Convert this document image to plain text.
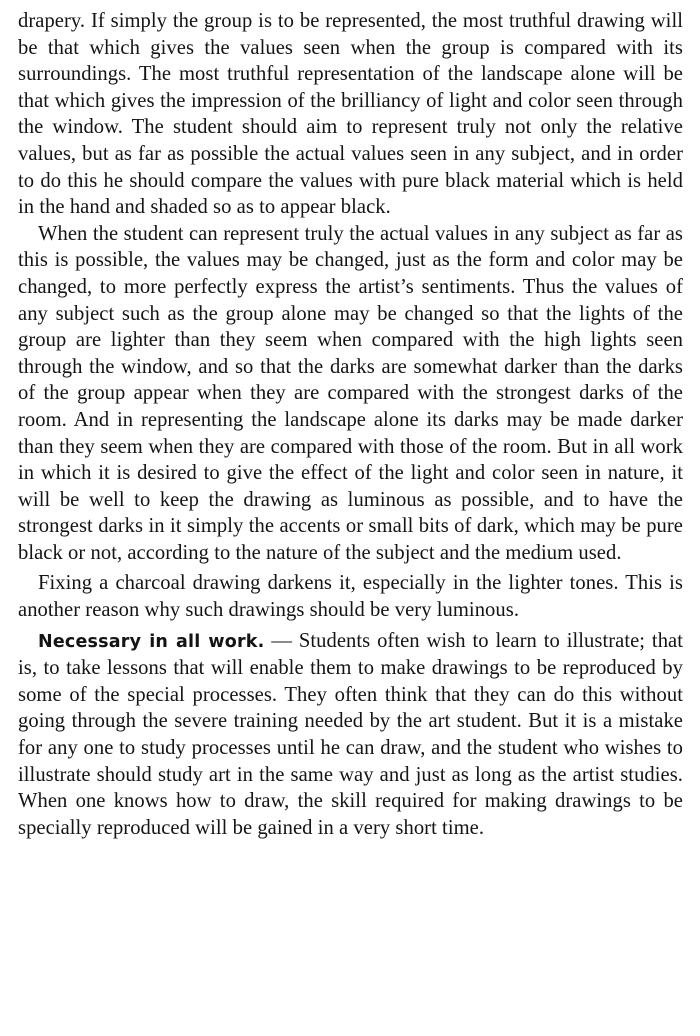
drapery. If simply the group is to be represented, the most truthful drawing will be that which gives the values seen when the group is compared with its surroundings. The most truthful representation of the landscape alone will be that which gives the impression of the brilliancy of light and color seen through the window. The student should aim to represent truly not only the relative values, but as far as possible the actual values seen in any subject, and in order to do this he should compare the values with pure black material which is held in the hand and shaded so as to appear black.

When the student can represent truly the actual values in any subject as far as this is possible, the values may be changed, just as the form and color may be changed, to more perfectly express the artist’s sentiments. Thus the values of any subject such as the group alone may be changed so that the lights of the group are lighter than they seem when compared with the high lights seen through the window, and so that the darks are somewhat darker than the darks of the group appear when they are compared with the strongest darks of the room. And in representing the landscape alone its darks may be made darker than they seem when they are compared with those of the room. But in all work in which it is desired to give the effect of the light and color seen in nature, it will be well to keep the drawing as luminous as possible, and to have the strongest darks in it simply the accents or small bits of dark, which may be pure black or not, according to the nature of the subject and the medium used.

Fixing a charcoal drawing darkens it, especially in the lighter tones. This is another reason why such drawings should be very luminous.

Necessary in all work. — Students often wish to learn to illustrate; that is, to take lessons that will enable them to make drawings to be reproduced by some of the special processes. They often think that they can do this without going through the severe training needed by the art student. But it is a mistake for any one to study processes until he can draw, and the student who wishes to illustrate should study art in the same way and just as long as the artist studies. When one knows how to draw, the skill required for making drawings to be specially reproduced will be gained in a very short time.
